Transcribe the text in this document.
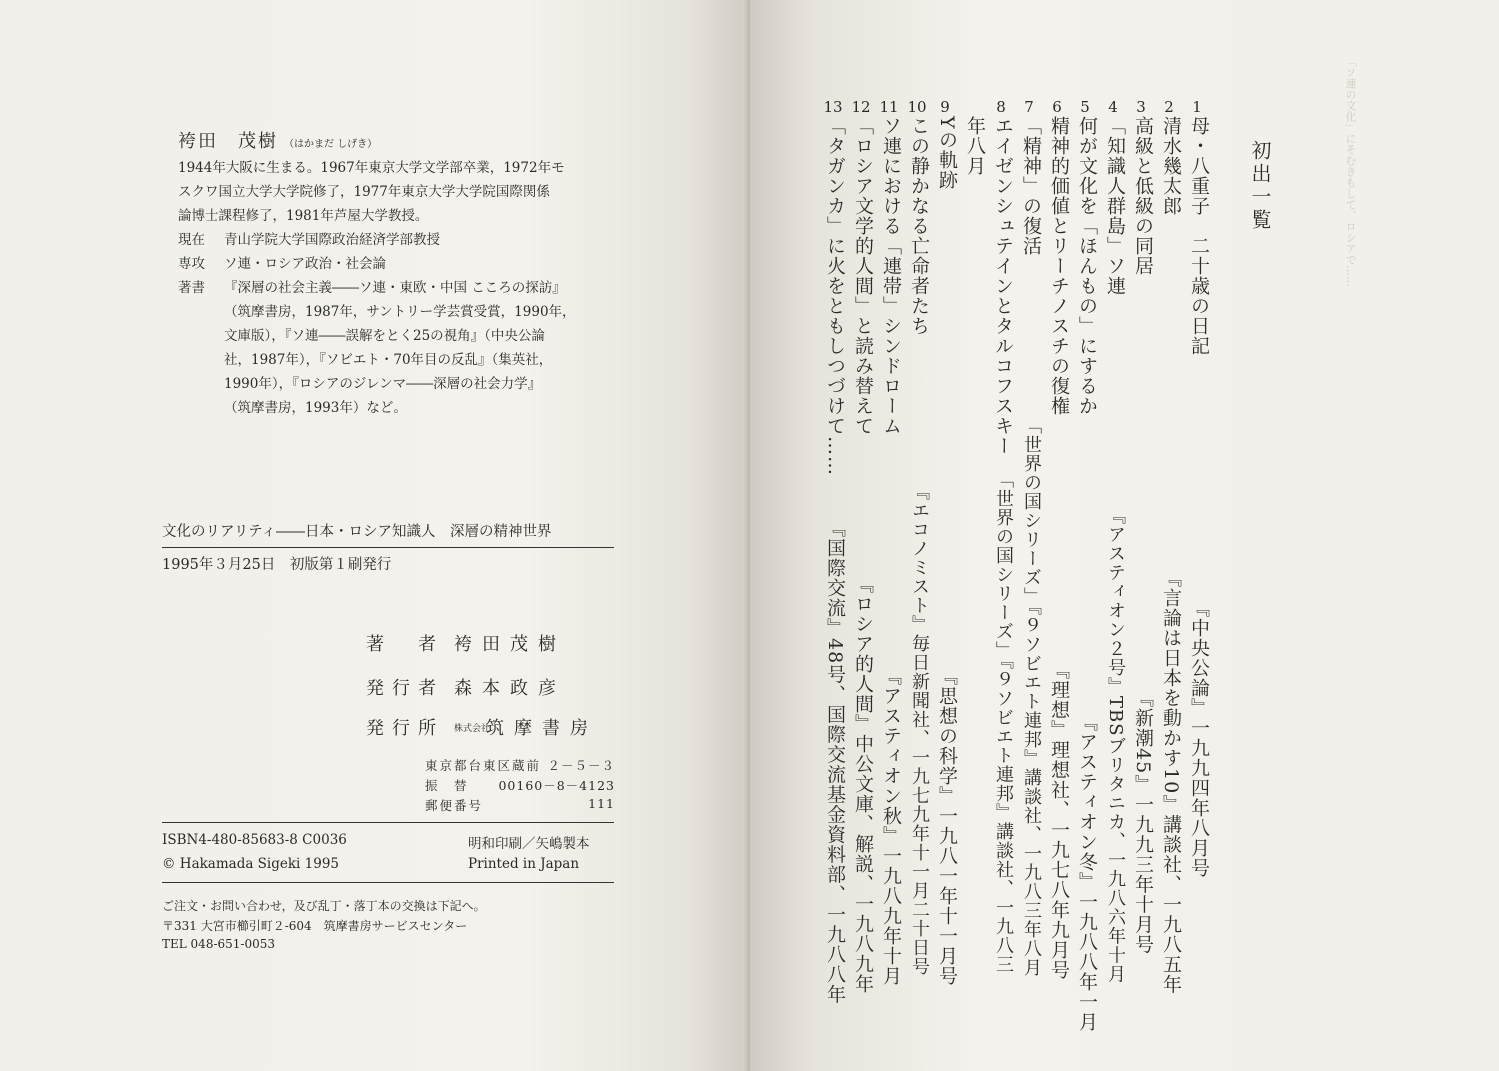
袴田　茂樹 （はかまだ しげき）

1944年大阪に生まる。1967年東京大学文学部卒業，1972年モ

スクワ国立大学大学院修了，1977年東京大学大学院国際関係

論博士課程修了，1981年芦屋大学教授。

現在 青山学院大学国際政治経済学部教授
専攻 ソ連・ロシア政治・社会論
著書 『深層の社会主義――ソ連・東欧・中国 こころの探訪』

（筑摩書房，1987年，サントリー学芸賞受賞，1990年，

文庫版），『ソ連――誤解をとく25の視角』（中央公論

社，1987年），『ソビエト・70年目の反乱』（集英社，

1990年），『ロシアのジレンマ――深層の社会力学』

（筑摩書房，1993年）など。

文化のリアリティ――日本・ロシア知識人　深層の精神世界
1995年３月25日　初版第１刷発行
著　者 袴田茂樹
発行者 森本政彦
発行所 株式会社筑摩書房
東京都台東区蔵前 ２－５－３
振　替 00160－8－4123
郵便番号	111
ISBN4-480-85683-8 C0036	明和印刷／矢嶋製本
© Hakamada Sigeki 1995	Printed in Japan
ご注文・お問い合わせ，及び乱丁・落丁本の交換は下記へ。
〒331 大宮市櫛引町２-604　筑摩書房サービスセンター
TEL 048-651-0053
「ソ連の文化」にそむきもして、ロシアで……
初出一覧
1
母・八重子　二十歳の日記
『中央公論』一九九四年八月号
2
清水幾太郎
『言論は日本を動かす10』講談社、一九八五年
3
高級と低級の同居
『新潮45』一九九三年十月号
4
「知識人群島」ソ連
『アスティオン２号』TBSブリタニカ、一九八六年十月
5
何が文化を「ほんもの」にするか
『アスティオン冬』一九八八年一月
6
精神的価値とリーチノスチの復権
『理想』理想社、一九七八年九月号
7
「精神」の復活
「世界の国シリーズ」『９ソビエト連邦』講談社、一九八三年八月
8
エイゼンシュテインとタルコフスキー
「世界の国シリーズ」『９ソビエト連邦』講談社、一九八三
年八月
9
Yの軌跡
『思想の科学』一九八一年十一月号
10
この静かなる亡命者たち
『エコノミスト』毎日新聞社、一九七九年十一月二十日号
11
ソ連における「連帯」シンドローム
『アスティオン秋』一九八九年十月
12
「ロシア文学的人間」と読み替えて
『ロシア的人間』中公文庫、解説、一九八九年
13
「タガンカ」に火をともしつづけて……
『国際交流』48号、国際交流基金資料部、一九八八年
